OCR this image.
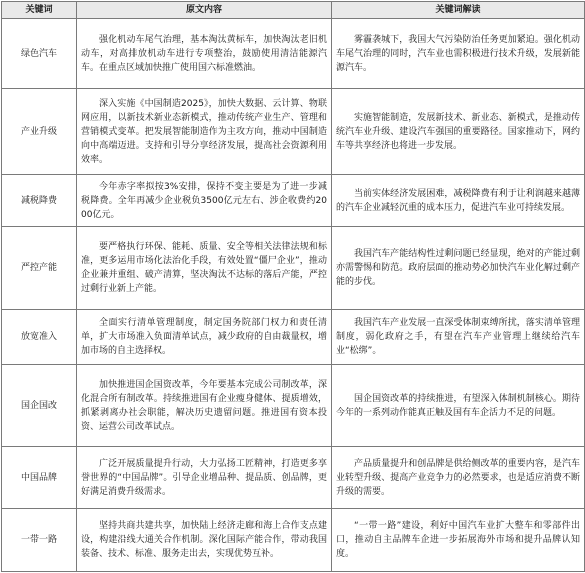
关键词	原文内容	关键词解读
绿色汽车	强化机动车尾气治理，基本淘汰黄标车，加快淘汰老旧机动车，对高排放机动车进行专项整治，鼓励使用清洁能源汽车。在重点区域加快推广使用国六标准燃油。	雾霾袭城下，我国大气污染防治任务更加紧迫。强化机动车尾气治理的同时，汽车业也需积极进行技术升级，发展新能源汽车。
产业升级	深入实施《中国制造2025》，加快大数据、云计算、物联网应用，以新技术新业态新模式，推动传统产业生产、管理和营销模式变革。把发展智能制造作为主攻方向，推动中国制造向中高端迈进。支持和引导分享经济发展，提高社会资源利用效率。	实施智能制造，发展新技术、新业态、新模式，是推动传统汽车业升级、建设汽车强国的重要路径。国家推动下，网约车等共享经济也将进一步发展。
减税降费	今年赤字率拟按3%安排，保持不变主要是为了进一步减税降费。全年再减少企业税负3500亿元左右、涉企收费约2000亿元。	当前实体经济发展困难，减税降费有利于让利润越来越薄的汽车企业减轻沉重的成本压力，促进汽车业可持续发展。
严控产能	要严格执行环保、能耗、质量、安全等相关法律法规和标准，更多运用市场化法治化手段，有效处置“僵尸企业”，推动企业兼并重组、破产清算，坚决淘汰不达标的落后产能，严控过剩行业新上产能。	我国汽车产能结构性过剩问题已经显现，绝对的产能过剩亦需警惕和防范。政府层面的推动势必加快汽车业化解过剩产能的步伐。
放宽准入	全面实行清单管理制度，制定国务院部门权力和责任清单，扩大市场准入负面清单试点，减少政府的自由裁量权，增加市场的自主选择权。	我国汽车产业发展一直深受体制束缚所扰，落实清单管理制度，弱化政府之手，有望在汽车产业管理上继续给汽车业“松绑”。
国企国改	加快推进国企国资改革，今年要基本完成公司制改革，深化混合所有制改革。持续推进国有企业瘦身健体、提质增效，抓紧剥离办社会职能，解决历史遗留问题。推进国有资本投资、运营公司改革试点。	国企国资改革的持续推进，有望深入体制机制核心。期待今年的一系列动作能真正触及国有车企活力不足的问题。
中国品牌	广泛开展质量提升行动，大力弘扬工匠精神，打造更多享誉世界的“中国品牌”。引导企业增品种、提品质、创品牌，更好满足消费升级需求。	产品质量提升和创品牌是供给侧改革的重要内容，是汽车业转型升级、提高产业竞争力的必然要求，也是适应消费不断升级的需要。
一带一路	坚持共商共建共享，加快陆上经济走廊和海上合作支点建设，构建沿线大通关合作机制。深化国际产能合作，带动我国装备、技术、标准、服务走出去，实现优势互补。	“一带一路”建设，利好中国汽车业扩大整车和零部件出口，推动自主品牌车企进一步拓展海外市场和提升品牌认知度。
